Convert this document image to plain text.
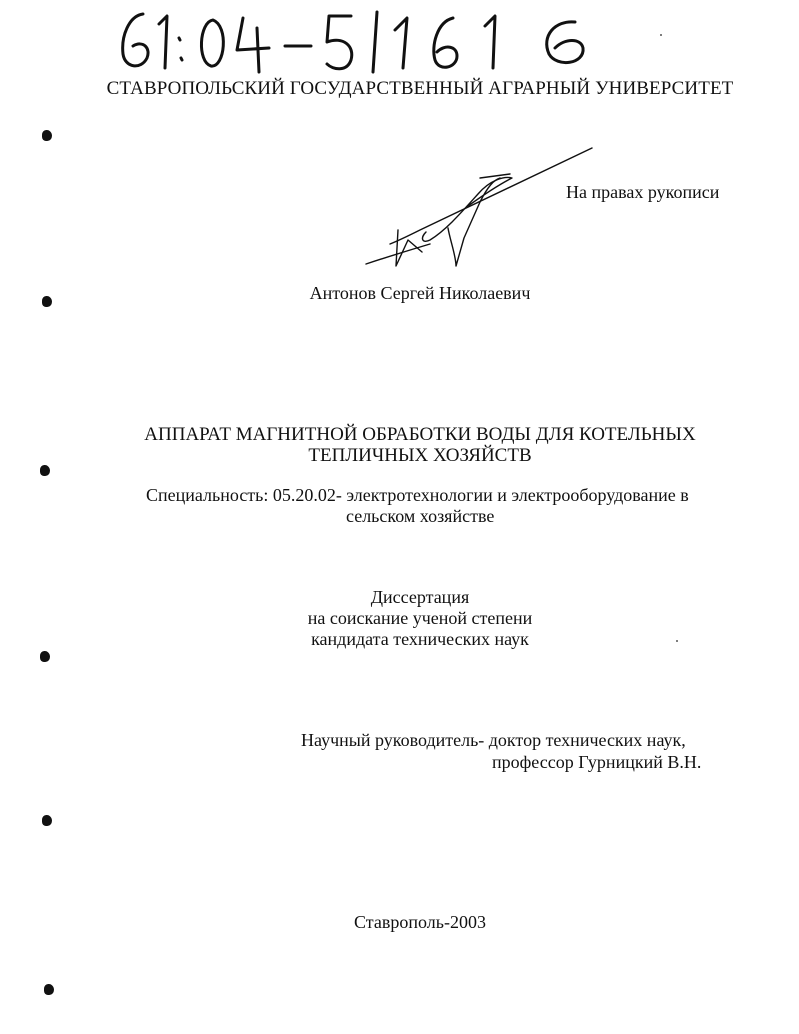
СТАВРОПОЛЬСКИЙ ГОСУДАРСТВЕННЫЙ АГРАРНЫЙ УНИВЕРСИТЕТ
На правах рукописи
Антонов Сергей Николаевич
АППАРАТ МАГНИТНОЙ ОБРАБОТКИ ВОДЫ ДЛЯ КОТЕЛЬНЫХ
ТЕПЛИЧНЫХ ХОЗЯЙСТВ
Специальность: 05.20.02- электротехнологии и электрооборудование в
сельском хозяйстве
Диссертация
на соискание ученой степени
кандидата технических наук
Научный руководитель- доктор технических наук,
профессор Гурницкий В.Н.
Ставрополь-2003
